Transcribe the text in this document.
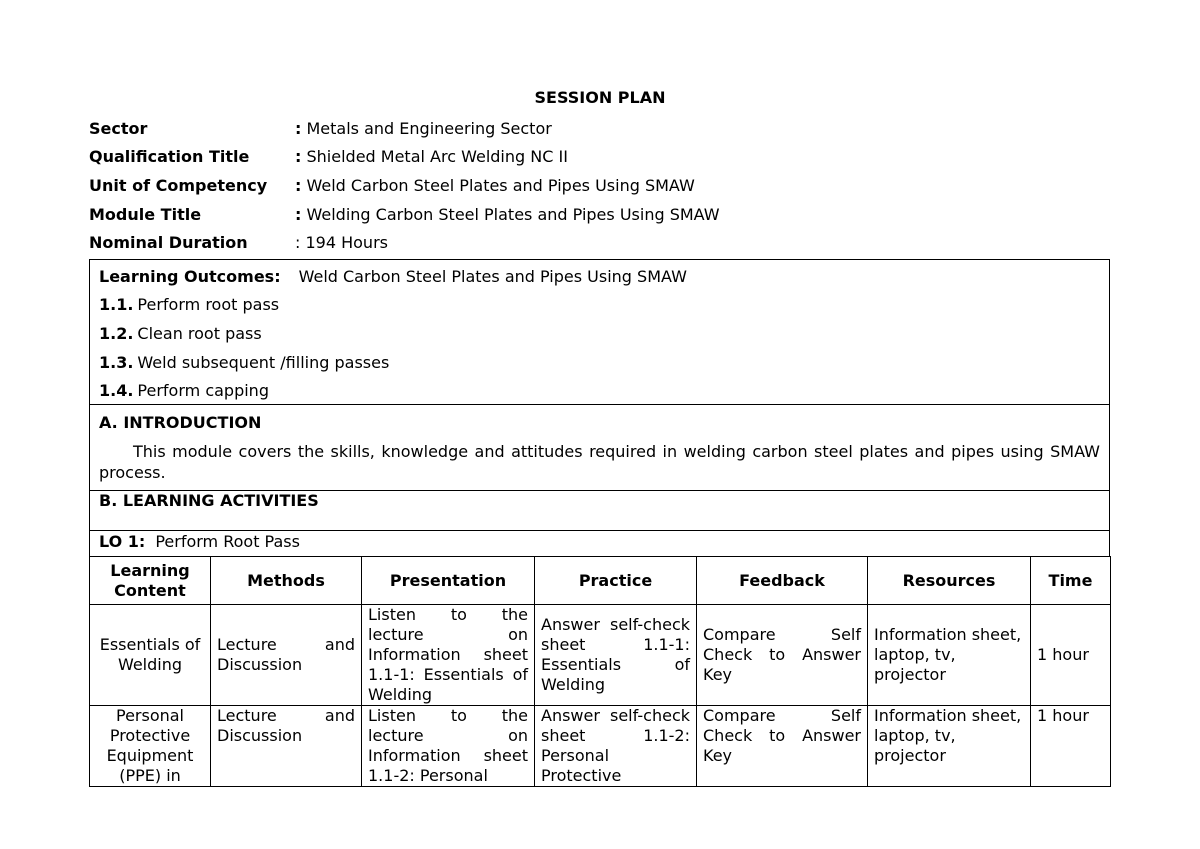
SESSION PLAN
Sector	: Metals and Engineering Sector
Qualification Title	: Shielded Metal Arc Welding NC II
Unit of Competency	: Weld Carbon Steel Plates and Pipes Using SMAW
Module Title	: Welding Carbon Steel Plates and Pipes Using SMAW
Nominal Duration	: 194 Hours
Learning Outcomes: Weld Carbon Steel Plates and Pipes Using SMAW
1.1. Perform root pass
1.2. Clean root pass
1.3. Weld subsequent /filling passes
1.4. Perform capping
A. INTRODUCTION
This module covers the skills, knowledge and attitudes required in welding carbon steel plates and pipes using SMAW process.
B. LEARNING ACTIVITIES
LO 1: Perform Root Pass
Learning Content	Methods	Presentation	Practice	Feedback	Resources	Time
Essentials of Welding	Lecture and Discussion	Listen to the lecture on Information sheet 1.1-1: Essentials of Welding	Answer self-check sheet 1.1-1: Essentials of Welding	Compare Self Check to Answer Key	Information sheet, laptop, tv, projector	1 hour
Personal Protective Equipment (PPE) in	Lecture and Discussion	Listen to the lecture on Information sheet 1.1-2: Personal	Answer self-check sheet 1.1-2: Personal Protective	Compare Self Check to Answer Key	Information sheet, laptop, tv, projector	1 hour
